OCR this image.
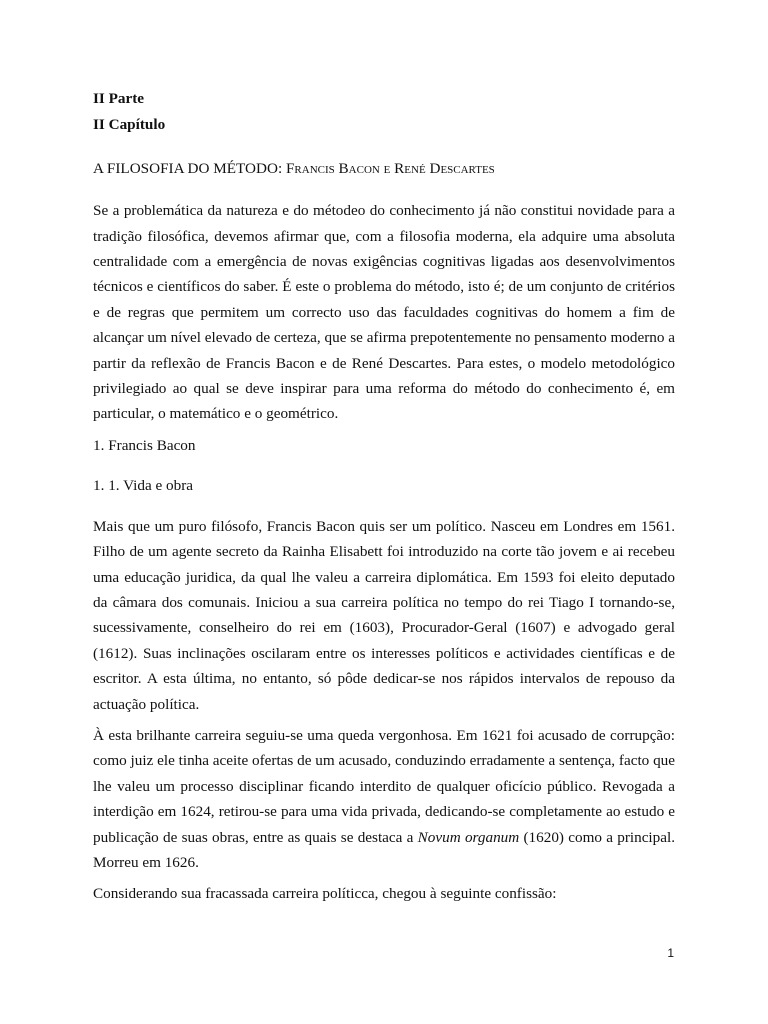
II Parte
II Capítulo
A FILOSOFIA DO MÉTODO: Francis Bacon e René Descartes

Se a problemática da natureza e do métodeo do conhecimento já não constitui novidade para a tradição filosófica, devemos afirmar que, com a filosofia moderna, ela adquire uma absoluta centralidade com a emergência de novas exigências cognitivas ligadas aos desenvolvimentos técnicos e científicos do saber. É este o problema do método, isto é; de um conjunto de critérios e de regras que permitem um correcto uso das faculdades cognitivas do homem a fim de alcançar um nível elevado de certeza, que se afirma prepotentemente no pensamento moderno a partir da reflexão de Francis Bacon e de René Descartes. Para estes, o modelo metodológico privilegiado ao qual se deve inspirar para uma reforma do método do conhecimento é, em particular, o matemático e o geométrico.

1. Francis Bacon

1. 1. Vida e obra

Mais que um puro filósofo, Francis Bacon quis ser um político. Nasceu em Londres em 1561. Filho de um agente secreto da Rainha Elisabett foi introduzido na corte tão jovem e ai recebeu uma educação juridica, da qual lhe valeu a carreira diplomática. Em 1593 foi eleito deputado da câmara dos comunais. Iniciou a sua carreira política no tempo do rei Tiago I tornando-se, sucessivamente, conselheiro do rei em (1603), Procurador-Geral (1607) e advogado geral (1612). Suas inclinações oscilaram entre os interesses políticos e actividades científicas e de escritor. A esta última, no entanto, só pôde dedicar-se nos rápidos intervalos de repouso da actuação política.

À esta brilhante carreira seguiu-se uma queda vergonhosa. Em 1621 foi acusado de corrupção: como juiz ele tinha aceite ofertas de um acusado, conduzindo erradamente a sentença, facto que lhe valeu um processo disciplinar ficando interdito de qualquer oficício público. Revogada a interdição em 1624, retirou-se para uma vida privada, dedicando-se completamente ao estudo e publicação de suas obras, entre as quais se destaca a Novum organum (1620) como a principal. Morreu em 1626.

Considerando sua fracassada carreira políticca, chegou à seguinte confissão:

1
